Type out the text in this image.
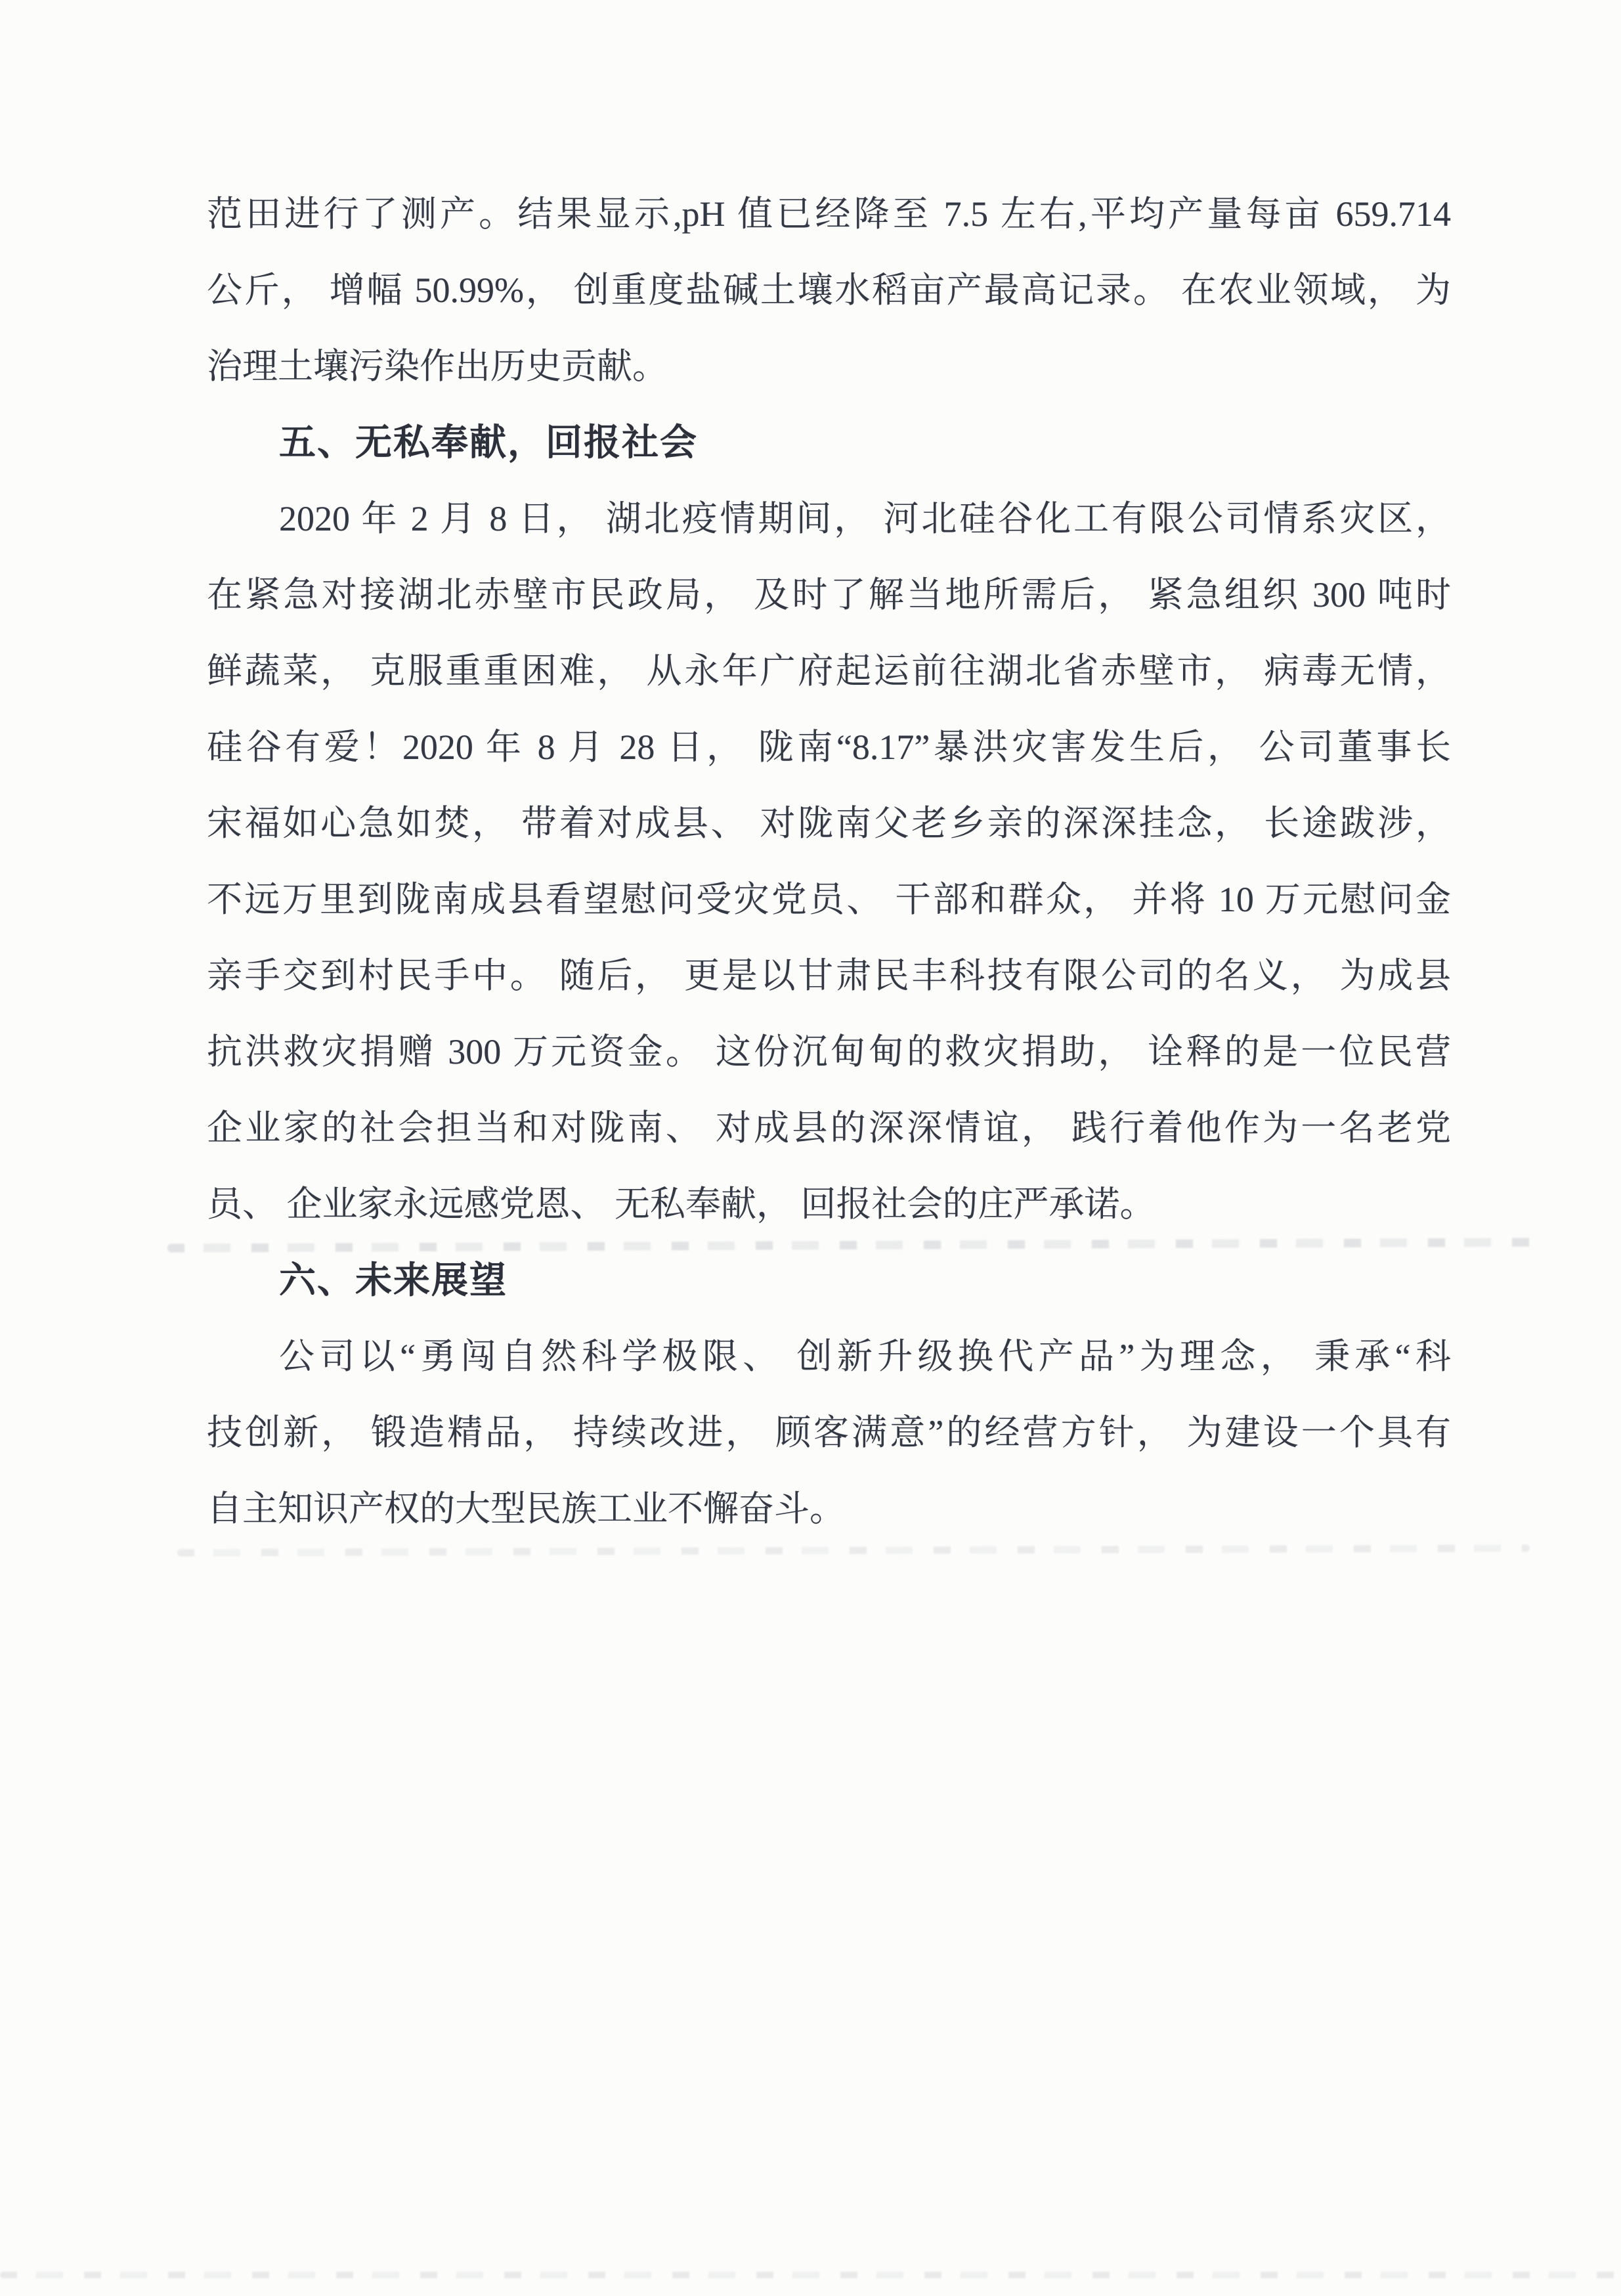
范田进行了测产。结果显示,pH 值已经降至 7.5 左右,平均产量每亩 659.714
公斤， 增幅 50.99%， 创重度盐碱土壤水稻亩产最高记录。 在农业领域， 为
治理土壤污染作出历史贡献。
五、无私奉献，回报社会
2020 年 2 月 8 日， 湖北疫情期间， 河北硅谷化工有限公司情系灾区，
在紧急对接湖北赤壁市民政局， 及时了解当地所需后， 紧急组织 300 吨时
鲜蔬菜， 克服重重困难， 从永年广府起运前往湖北省赤壁市， 病毒无情，
硅谷有爱！2020 年 8 月 28 日， 陇南“8.17”暴洪灾害发生后， 公司董事长
宋福如心急如焚， 带着对成县、 对陇南父老乡亲的深深挂念， 长途跋涉，
不远万里到陇南成县看望慰问受灾党员、 干部和群众， 并将 10 万元慰问金
亲手交到村民手中。 随后， 更是以甘肃民丰科技有限公司的名义， 为成县
抗洪救灾捐赠 300 万元资金。 这份沉甸甸的救灾捐助， 诠释的是一位民营
企业家的社会担当和对陇南、 对成县的深深情谊， 践行着他作为一名老党
员、 企业家永远感党恩、 无私奉献， 回报社会的庄严承诺。
六、未来展望
公司以“勇闯自然科学极限、 创新升级换代产品”为理念， 秉承“科
技创新， 锻造精品， 持续改进， 顾客满意”的经营方针， 为建设一个具有
自主知识产权的大型民族工业不懈奋斗。
